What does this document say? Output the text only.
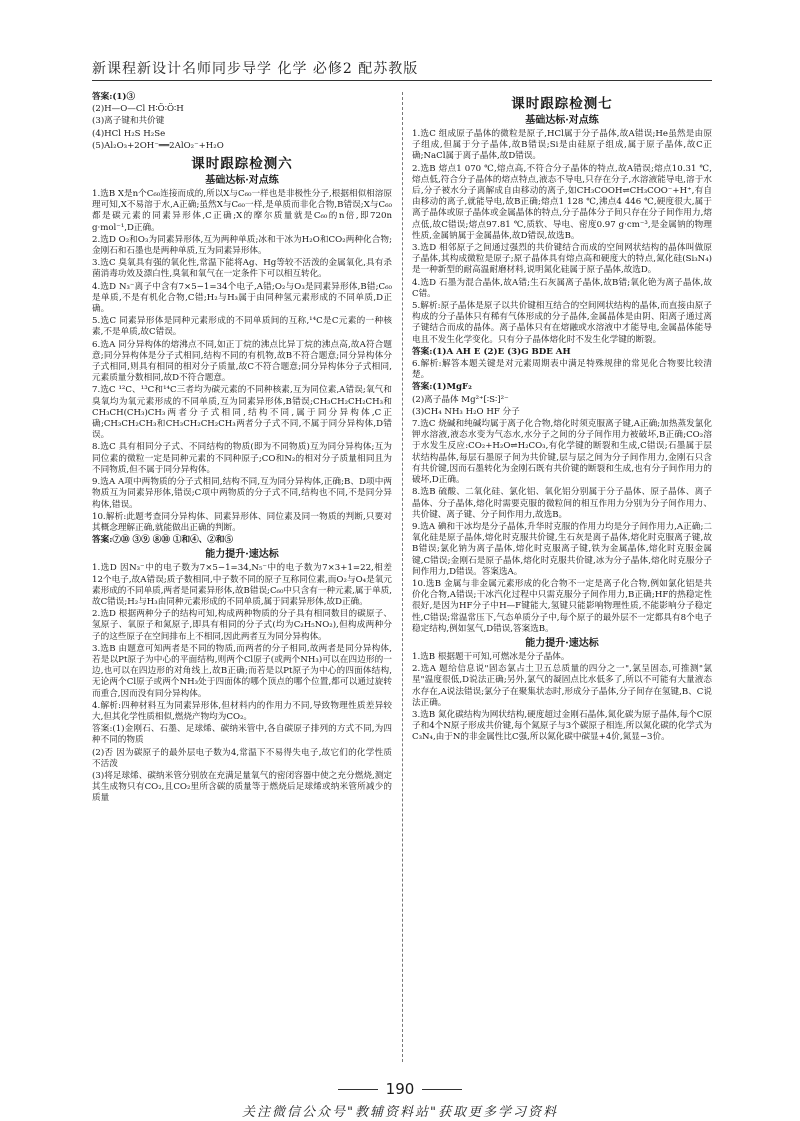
新课程新设计名师同步导学 化学 必修2 配苏教版

答案:(1)③

(2)H—O—Cl H∶Ö∶Ö∶H

(3)离子键和共价键

(4)HCl H₂S H₂Se

(5)Al₂O₃+2OH⁻══2AlO₂⁻+H₂O

课时跟踪检测六
基础达标·对点练

1.选B X是n个C₆₀连接而成的,所以X与C₆₀一样也是非极性分子,根据相似相溶原理可知,X不易溶于水,A正确;虽然X与C₆₀一样,是单质而非化合物,B错误;X与C₆₀都是碳元素的同素异形体,C正确;X的摩尔质量就是C₆₀的n倍,即720n g·mol⁻¹,D正确。

2.选D O₂和O₃为同素异形体,互为两种单质;冰和干冰为H₂O和CO₂两种化合物;金刚石和石墨也是两种单质,互为同素异形体。

3.选C 臭氧具有强的氧化性,常温下能将Ag、Hg等较不活泼的金属氧化,具有杀菌消毒功效及漂白性,臭氧和氧气在一定条件下可以相互转化。

4.选D N₃⁻离子中含有7×5−1=34个电子,A错;O₂与O₃是同素异形体,B错;C₆₀是单质,不是有机化合物,C错;H₂与H₃属于由同种氢元素形成的不同单质,D正确。

5.选C 同素异形体是同种元素形成的不同单质间的互称,¹⁴C是C元素的一种核素,不是单质,故C错误。

6.选A 同分异构体的熔沸点不同,如正丁烷的沸点比异丁烷的沸点高,故A符合题意;同分异构体是分子式相同,结构不同的有机物,故B不符合题意;同分异构体分子式相同,则具有相同的相对分子质量,故C不符合题意;同分异构体分子式相同,元素质量分数相同,故D不符合题意。

7.选C ¹²C、¹³C和¹⁴C三者均为碳元素的不同种核素,互为同位素,A错误;氧气和臭氧均为氧元素形成的不同单质,互为同素异形体,B错误;CH₃CH₂CH₂CH₃和CH₃CH(CH₃)CH₃两者分子式相同,结构不同,属于同分异构体,C正确;CH₃CH₂CH₃和CH₃CH₂CH₂CH₃两者分子式不同,不属于同分异构体,D错误。

8.选C 具有相同分子式、不同结构的物质(即为不同物质)互为同分异构体;互为同位素的微粒一定是同种元素的不同种原子;CO和N₂的相对分子质量相同且为不同物质,但不属于同分异构体。

9.选A A项中两物质的分子式相同,结构不同,互为同分异构体,正确;B、D项中两物质互为同素异形体,错误;C项中两物质的分子式不同,结构也不同,不是同分异构体,错误。

10.解析:此题考查同分异构体、同素异形体、同位素及同一物质的判断,只要对其概念理解正确,就能做出正确的判断。

答案:⑦⑩ ③⑨ ⑧⑩ ①和④、②和⑤

能力提升·速达标

1.选D 因N₃⁻中的电子数为7×5−1=34,N₅⁻中的电子数为7×3+1=22,相差12个电子,故A错误;质子数相同,中子数不同的原子互称同位素,而O₂与O₄是氧元素形成的不同单质,两者是同素异形体,故B错误;C₆₀中只含有一种元素,属于单质,故C错误;H₂与H₃由同种元素形成的不同单质,属于同素异形体,故D正确。

2.选D 根据两种分子的结构可知,构成两种物质的分子具有相同数目的碳原子、氢原子、氧原子和氮原子,即具有相同的分子式(均为C₂H₅NO₂),但构成两种分子的这些原子在空间排布上不相同,因此两者互为同分异构体。

3.选B 由题意可知两者是不同的物质,而两者的分子相同,故两者是同分异构体,若是以Pt原子为中心的平面结构,则两个Cl原子(或两个NH₃)可以在四边形的一边,也可以在四边形的对角线上,故B正确;而若是以Pt原子为中心的四面体结构,无论两个Cl原子或两个NH₃处于四面体的哪个顶点的哪个位置,都可以通过旋转而重合,因而没有同分异构体。

4.解析:四种材料互为同素异形体,但材料内的作用力不同,导致物理性质差异较大,但其化学性质相似,燃烧产物均为CO₂。

答案:(1)金刚石、石墨、足球烯、碳纳米管中,各自碳原子排列的方式不同,为四种不同的物质

(2)否 因为碳原子的最外层电子数为4,常温下不易得失电子,故它们的化学性质不活泼

(3)将足球烯、碳纳米管分别放在充满足量氧气的密闭容器中使之充分燃烧,测定其生成物只有CO₂,且CO₂里所含碳的质量等于燃烧后足球烯或纳米管所减少的质量

课时跟踪检测七
基础达标·对点练

1.选C 组成原子晶体的微粒是原子,HCl属于分子晶体,故A错误;He虽然是由原子组成,但属于分子晶体,故B错误;Si是由硅原子组成,属于原子晶体,故C正确;NaCl属于离子晶体,故D错误。

2.选B 熔点1 070 ℃,熔点高,不符合分子晶体的特点,故A错误;熔点10.31 ℃,熔点低,符合分子晶体的熔点特点,液态不导电,只存在分子,水溶液能导电,溶于水后,分子被水分子离解成自由移动的离子,如CH₃COOH⇌CH₃COO⁻+H⁺,有自由移动的离子,就能导电,故B正确;熔点1 128 ℃,沸点4 446 ℃,硬度很大,属于离子晶体或原子晶体或金属晶体的特点,分子晶体分子间只存在分子间作用力,熔点低,故C错误;熔点97.81 ℃,质软、导电、密度0.97 g·cm⁻³,是金属钠的物理性质,金属钠属于金属晶体,故D错误,故选B。

3.选D 相邻原子之间通过强烈的共价键结合而成的空间网状结构的晶体叫做原子晶体,其构成微粒是原子;原子晶体具有熔点高和硬度大的特点,氮化硅(Si₃N₄)是一种新型的耐高温耐磨材料,说明氮化硅属于原子晶体,故选D。

4.选D 石墨为混合晶体,故A错;生石灰属离子晶体,故B错;氧化铯为离子晶体,故C错。

5.解析:原子晶体是原子以共价键相互结合的空间网状结构的晶体,而直接由原子构成的分子晶体只有稀有气体形成的分子晶体,金属晶体是由阴、阳离子通过离子键结合而成的晶体。离子晶体只有在熔融或水溶液中才能导电,金属晶体能导电且不发生化学变化。只有分子晶体熔化时不发生化学键的断裂。

答案:(1)A AH E (2)E (3)G BDE AH

6.解析:解答本题关键是对元素周期表中满足特殊规律的常见化合物要比较清楚。

答案:(1)MgF₂

(2)离子晶体 Mg²⁺[∶S∶]²⁻

(3)CH₄ NH₃ H₂O HF 分子

7.选C 烧碱和纯碱均属于离子化合物,熔化时须克服离子键,A正确;加热蒸发氯化钾水溶液,液态水变为气态水,水分子之间的分子间作用力被破坏,B正确;CO₂溶于水发生反应:CO₂+H₂O⇌H₂CO₃,有化学键的断裂和生成,C错误;石墨属于层状结构晶体,每层石墨原子间为共价键,层与层之间为分子间作用力,金刚石只含有共价键,因而石墨转化为金刚石既有共价键的断裂和生成,也有分子间作用力的破坏,D正确。

8.选B 硫酸、二氧化硅、氯化铝、氧化铝分别属于分子晶体、原子晶体、离子晶体、分子晶体,熔化时需要克服的微粒间的相互作用力分别为分子间作用力、共价键、离子键、分子间作用力,故选B。

9.选A 碘和干冰均是分子晶体,升华时克服的作用力均是分子间作用力,A正确;二氧化硅是原子晶体,熔化时克服共价键,生石灰是离子晶体,熔化时克服离子键,故B错误;氯化钠为离子晶体,熔化时克服离子键,铁为金属晶体,熔化时克服金属键,C错误;金刚石是原子晶体,熔化时克服共价键,冰为分子晶体,熔化时克服分子间作用力,D错误。答案选A。

10.选B 金属与非金属元素形成的化合物不一定是离子化合物,例如氯化铝是共价化合物,A错误;干冰汽化过程中只需克服分子间作用力,B正确;HF的热稳定性很好,是因为HF分子中H—F键能大,氢键只能影响物理性质,不能影响分子稳定性,C错误;常温常压下,气态单质分子中,每个原子的最外层不一定都具有8个电子稳定结构,例如氢气,D错误,答案选B。

能力提升·速达标

1.选B 根据题干可知,可燃冰是分子晶体。

2.选A 题给信息说"固态氯占土卫五总质量的四分之一",氯呈固态,可推测"氯星"温度很低,D说法正确;另外,氯气的凝固点比水低多了,所以不可能有大量液态水存在,A说法错误;氯分子在聚集状态时,形成分子晶体,分子间存在氢键,B、C说法正确。

3.选B 氮化碳结构为网状结构,硬度超过金刚石晶体,氮化碳为原子晶体,每个C原子和4个N原子形成共价键,每个氮原子与3个碳原子相连,所以氮化碳的化学式为C₃N₄,由于N的非金属性比C强,所以氮化碳中碳显+4价,氮显−3价。

190
关注微信公众号"教辅资料站"获取更多学习资料
